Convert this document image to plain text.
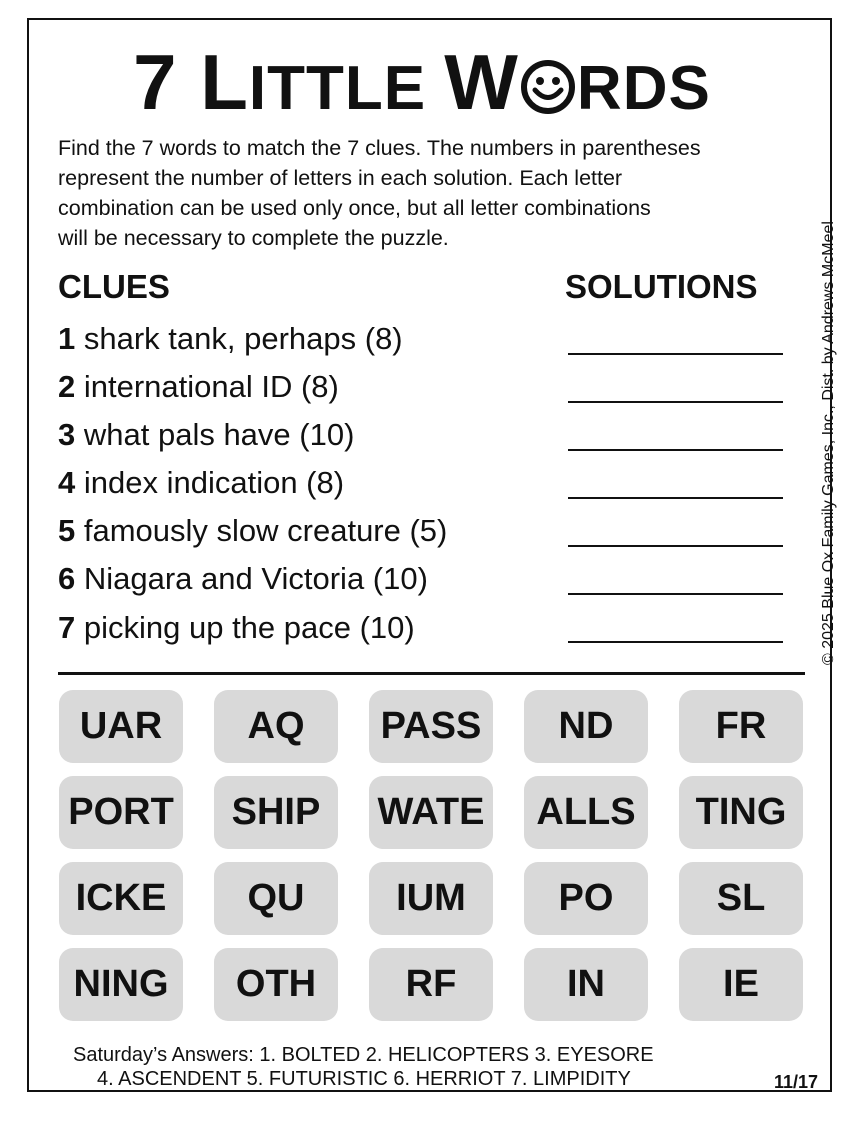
7 LITTLE W RDS
Find the 7 words to match the 7 clues. The numbers in parentheses
represent the number of letters in each solution. Each letter
combination can be used only once, but all letter combinations
will be necessary to complete the puzzle.	© 2025 Blue Ox Family Games, Inc., Dist. by Andrews McMeel
CLUES	SOLUTIONS
1 shark tank, perhaps (8)
2 international ID (8)
3 what pals have (10)
4 index indication (8)
5 famously slow creature (5)
6 Niagara and Victoria (10)
7 picking up the pace (10)
UAR	AQ	PASS	ND	FR
PORT	SHIP	WATE	ALLS	TING
ICKE	QU	IUM	PO	SL
NING	OTH	RF	IN	IE
Saturday’s Answers: 1. BOLTED 2. HELICOPTERS 3. EYESORE
4. ASCENDENT 5. FUTURISTIC 6. HERRIOT 7. LIMPIDITY	11/17
